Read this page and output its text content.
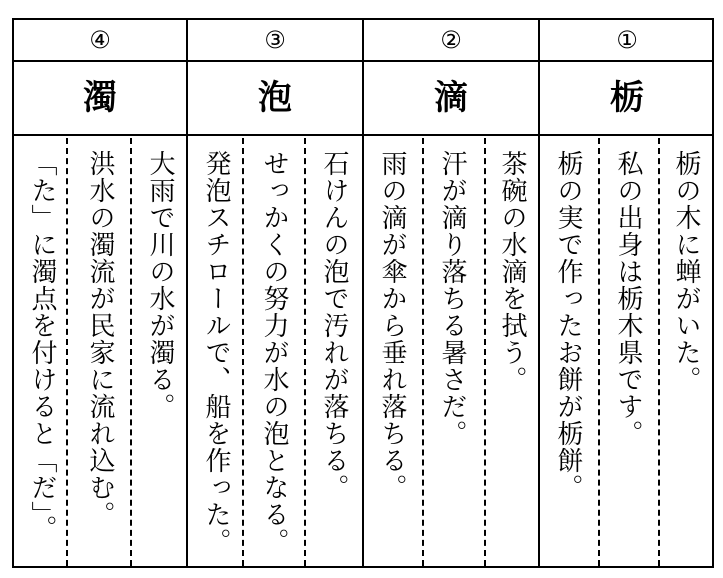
④
濁
「た」に濁点を付けると「だ」。 洪水の濁流が民家に流れ込む。 大雨で川の水が濁る。
③
泡
発泡スチロールで、船を作った。 せっかくの努力が水の泡となる。 石けんの泡で汚れが落ちる。
②
滴
雨の滴が傘から垂れ落ちる。 汗が滴り落ちる暑さだ。 茶碗の水滴を拭う。
①
栃
栃の実で作ったお餅が栃餅。 私の出身は栃木県です。 栃の木に蝉がいた。
